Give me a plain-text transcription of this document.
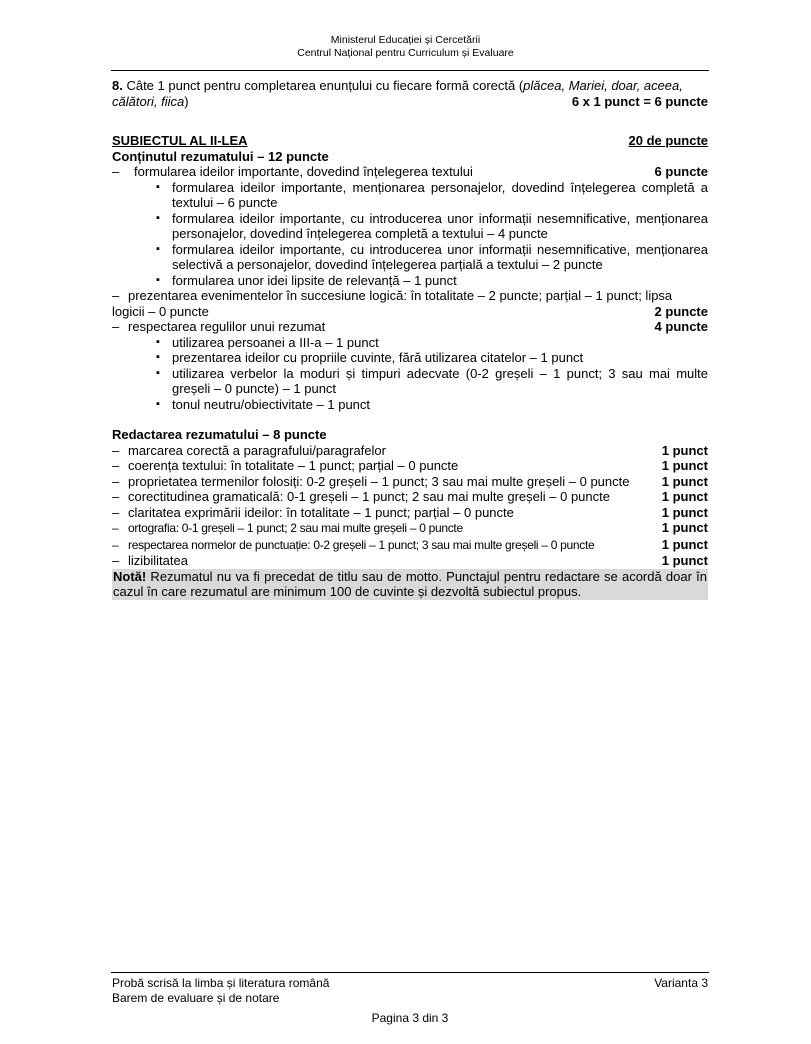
Ministerul Educației și Cercetării
Centrul Național pentru Curriculum și Evaluare
8. Câte 1 punct pentru completarea enunțului cu fiecare formă corectă (plăcea, Mariei, doar, aceea,
călători, fiica)	6 x 1 punct = 6 puncte
SUBIECTUL AL II-LEA	20 de puncte
Conținutul rezumatului – 12 puncte
– formularea ideilor importante, dovedind înțelegerea textului	6 puncte
▪ formularea ideilor importante, menționarea personajelor, dovedind înțelegerea completă a textului – 6 puncte
▪ formularea ideilor importante, cu introducerea unor informații nesemnificative, menționarea personajelor, dovedind înțelegerea completă a textului – 4 puncte
▪ formularea ideilor importante, cu introducerea unor informații nesemnificative, menționarea selectivă a personajelor, dovedind înțelegerea parțială a textului – 2 puncte
▪ formularea unor idei lipsite de relevanță – 1 punct
– prezentarea evenimentelor în succesiune logică: în totalitate – 2 puncte; parțial – 1 punct; lipsa
logicii – 0 puncte	2 puncte
– respectarea regulilor unui rezumat	4 puncte
▪ utilizarea persoanei a III-a – 1 punct
▪ prezentarea ideilor cu propriile cuvinte, fără utilizarea citatelor – 1 punct
▪ utilizarea verbelor la moduri și timpuri adecvate (0-2 greșeli – 1 punct; 3 sau mai multe greșeli – 0 puncte) – 1 punct
▪ tonul neutru/obiectivitate – 1 punct
Redactarea rezumatului – 8 puncte
– marcarea corectă a paragrafului/paragrafelor	1 punct
– coerența textului: în totalitate – 1 punct; parțial – 0 puncte	1 punct
– proprietatea termenilor folosiți: 0-2 greșeli – 1 punct; 3 sau mai multe greșeli – 0 puncte 1 punct
– corectitudinea gramaticală: 0-1 greșeli – 1 punct; 2 sau mai multe greșeli – 0 puncte	1 punct
– claritatea exprimării ideilor: în totalitate – 1 punct; parțial – 0 puncte	1 punct
– ortografia: 0-1 greșeli – 1 punct; 2 sau mai multe greșeli – 0 puncte	1 punct
– respectarea normelor de punctuație: 0-2 greșeli – 1 punct; 3 sau mai multe greșeli – 0 puncte	1 punct
– lizibilitatea	1 punct
Notă! Rezumatul nu va fi precedat de titlu sau de motto. Punctajul pentru redactare se acordă doar în cazul în care rezumatul are minimum 100 de cuvinte și dezvoltă subiectul propus.
Probă scrisă la limba și literatura română	Varianta 3
Barem de evaluare și de notare
Pagina 3 din 3
